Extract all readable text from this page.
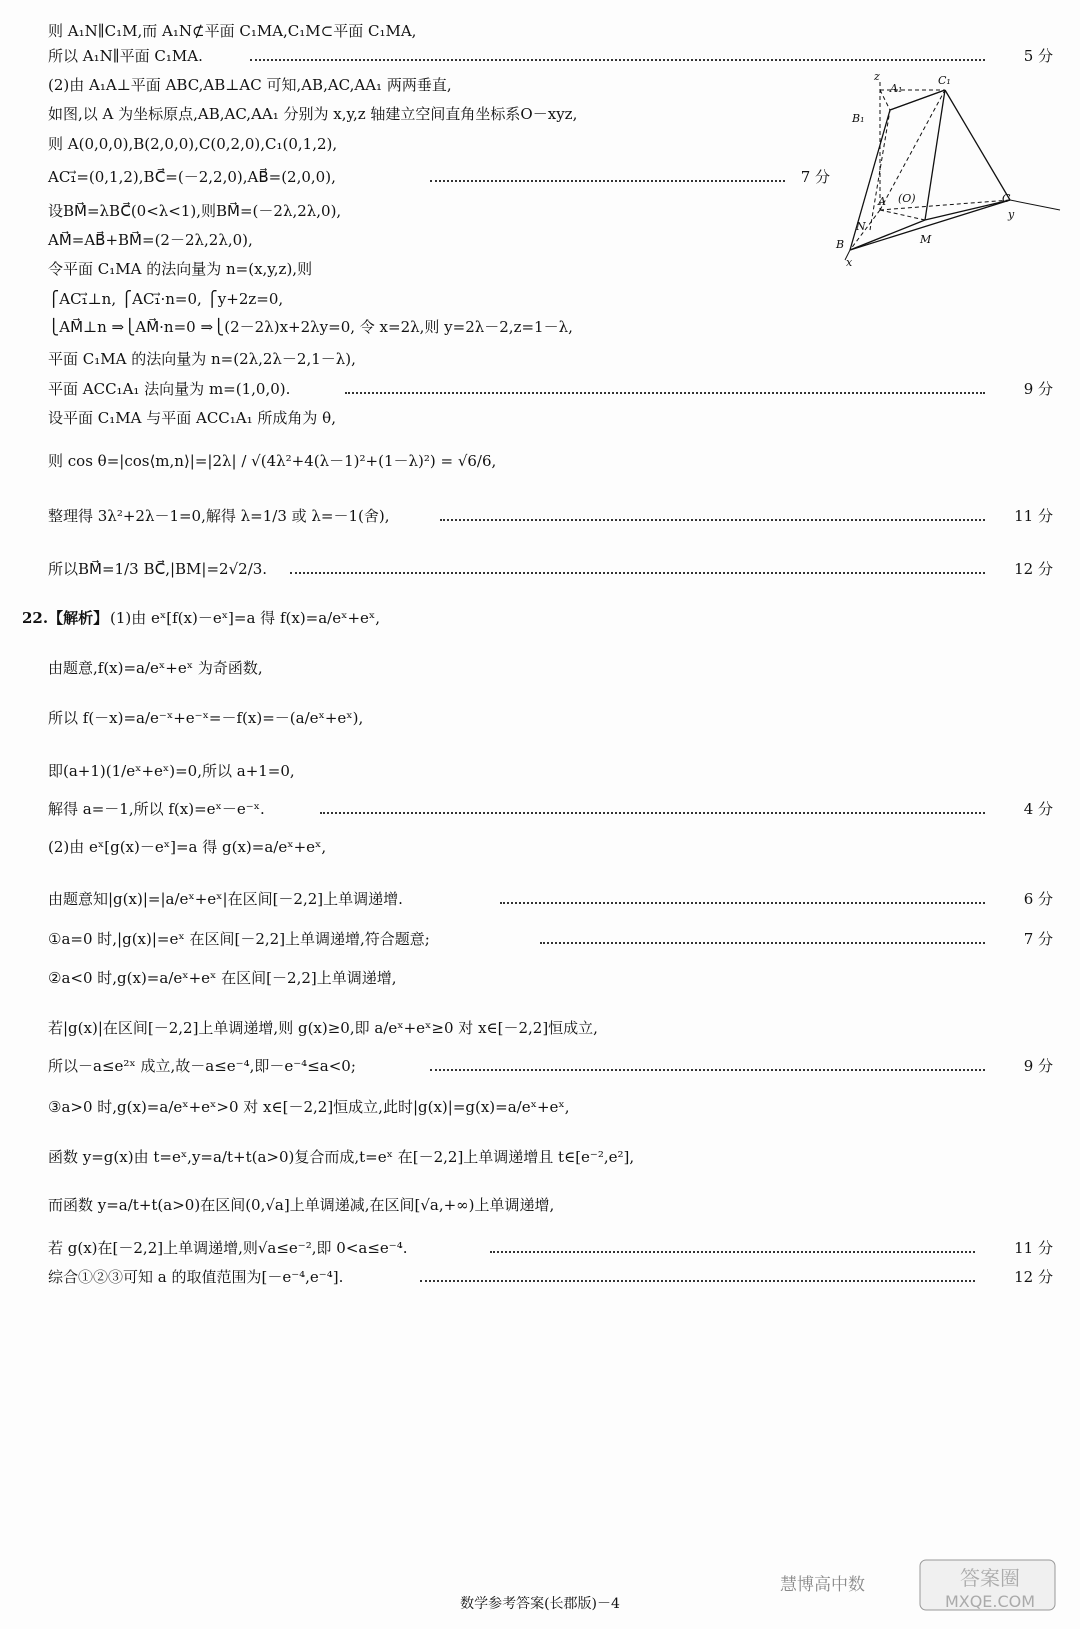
则 A₁N∥C₁M,而 A₁N⊄平面 C₁MA,C₁M⊂平面 C₁MA,
所以 A₁N∥平面 C₁MA.	5 分
(2)由 A₁A⊥平面 ABC,AB⊥AC 可知,AB,AC,AA₁ 两两垂直,
如图,以 A 为坐标原点,AB,AC,AA₁ 分别为 x,y,z 轴建立空间直角坐标系O－xyz,
则 A(0,0,0),B(2,0,0),C(0,2,0),C₁(0,1,2),
AC₁⃗=(0,1,2),BC⃗=(－2,2,0),AB⃗=(2,0,0),	7 分
设BM⃗=λBC⃗(0<λ<1),则BM⃗=(－2λ,2λ,0),
AM⃗=AB⃗+BM⃗=(2－2λ,2λ,0),
令平面 C₁MA 的法向量为 n=(x,y,z),则
⎧AC₁⃗⊥n, ⎧AC₁⃗·n=0, ⎧y+2z=0,
⎩AM⃗⊥n ⇒⎩AM⃗·n=0 ⇒⎩(2－2λ)x+2λy=0, 令 x=2λ,则 y=2λ－2,z=1－λ,
平面 C₁MA 的法向量为 n=(2λ,2λ－2,1－λ),
平面 ACC₁A₁ 法向量为 m=(1,0,0).	9 分
设平面 C₁MA 与平面 ACC₁A₁ 所成角为 θ,
则 cos θ=|cos⟨m,n⟩|=|2λ| / √(4λ²+4(λ－1)²+(1－λ)²) = √6/6,
整理得 3λ²+2λ－1=0,解得 λ=1/3 或 λ=－1(舍),	11 分
所以BM⃗=1/3 BC⃗,|BM|=2√2/3.	12 分
22.【解析】 (1)由 eˣ[f(x)－eˣ]=a 得 f(x)=a/eˣ+eˣ,
由题意,f(x)=a/eˣ+eˣ 为奇函数,
所以 f(－x)=a/e⁻ˣ+e⁻ˣ=－f(x)=－(a/eˣ+eˣ),
即(a+1)(1/eˣ+eˣ)=0,所以 a+1=0,
解得 a=－1,所以 f(x)=eˣ－e⁻ˣ.	4 分
(2)由 eˣ[g(x)－eˣ]=a 得 g(x)=a/eˣ+eˣ,
由题意知|g(x)|=|a/eˣ+eˣ|在区间[－2,2]上单调递增.	6 分
①a=0 时,|g(x)|=eˣ 在区间[－2,2]上单调递增,符合题意;	7 分
②a<0 时,g(x)=a/eˣ+eˣ 在区间[－2,2]上单调递增,
若|g(x)|在区间[－2,2]上单调递增,则 g(x)≥0,即 a/eˣ+eˣ≥0 对 x∈[－2,2]恒成立,
所以－a≤e²ˣ 成立,故－a≤e⁻⁴,即－e⁻⁴≤a<0;	9 分
③a>0 时,g(x)=a/eˣ+eˣ>0 对 x∈[－2,2]恒成立,此时|g(x)|=g(x)=a/eˣ+eˣ,
函数 y=g(x)由 t=eˣ,y=a/t+t(a>0)复合而成,t=eˣ 在[－2,2]上单调递增且 t∈[e⁻²,e²],
而函数 y=a/t+t(a>0)在区间(0,√a]上单调递减,在区间[√a,+∞)上单调递增,
若 g(x)在[－2,2]上单调递增,则√a≤e⁻²,即 0<a≤e⁻⁴.	11 分
综合①②③可知 a 的取值范围为[－e⁻⁴,e⁻⁴].	12 分
z
A₁
C₁
B₁
A (O)	C
y
N
M
B
x
慧博高中数	答案圈
MXQE.COM
数学参考答案(长郡版)－4
